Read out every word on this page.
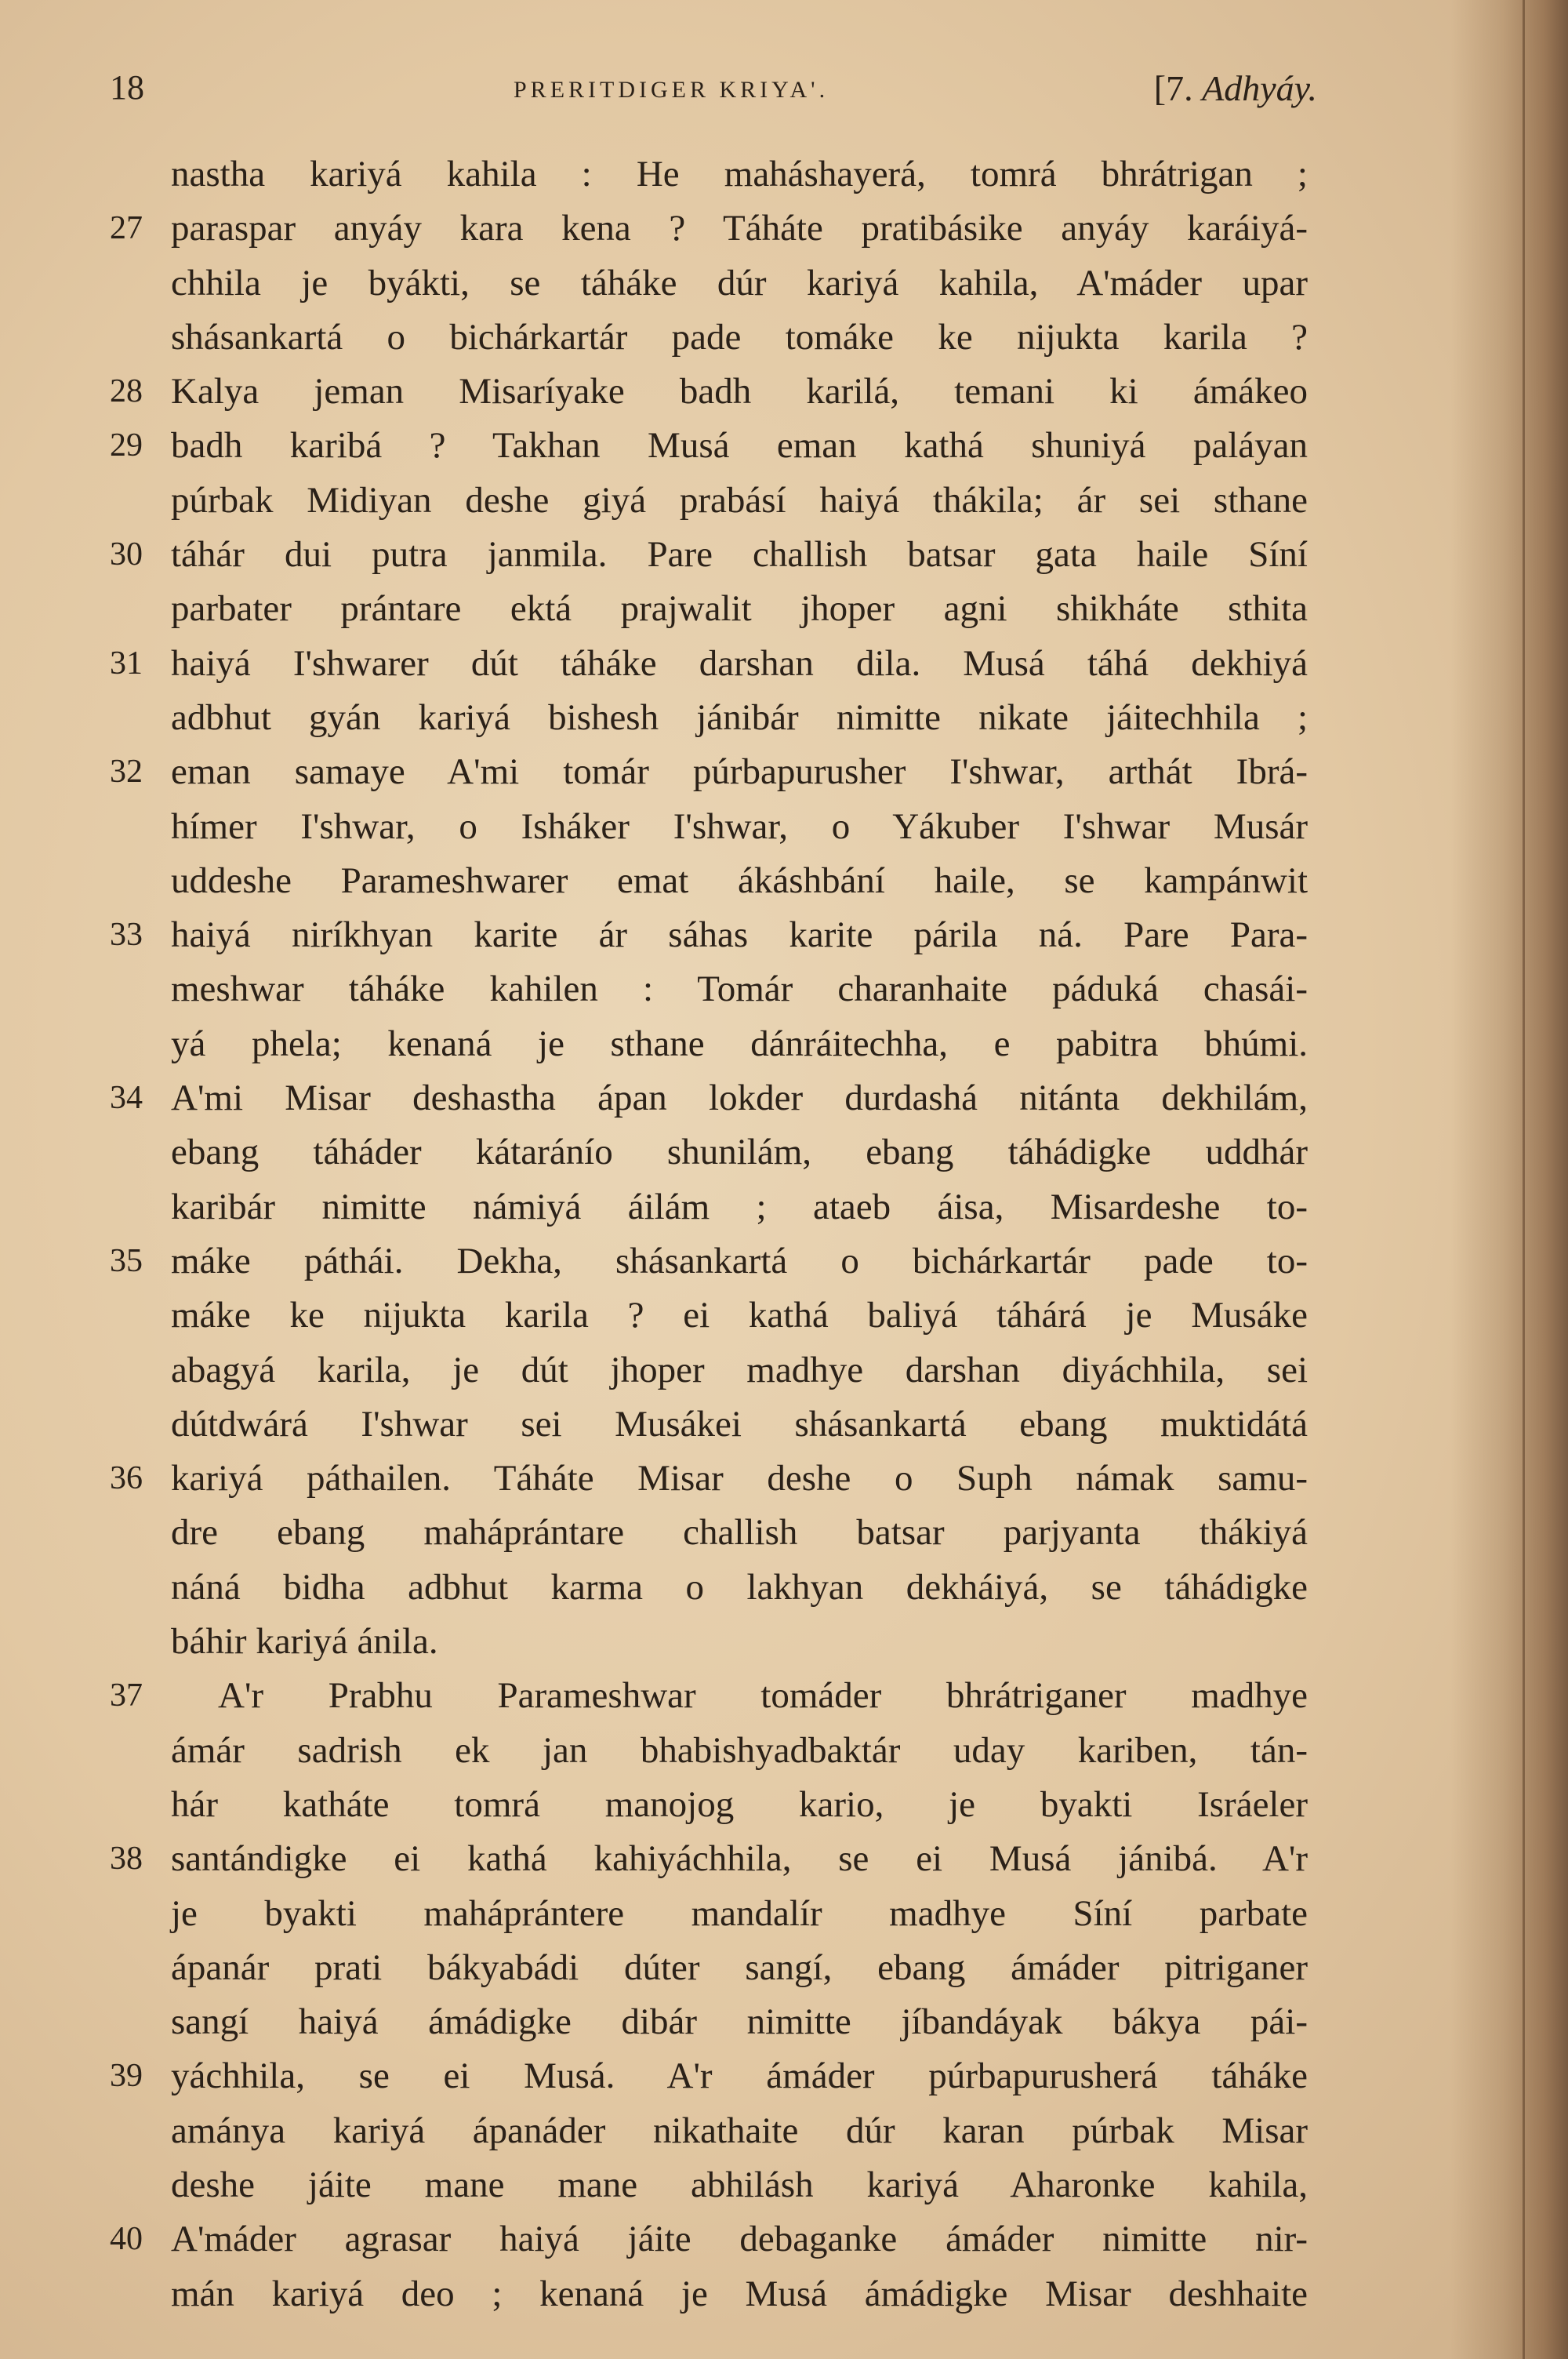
18	PRERITDIGER KRIYA'.	[7. Adhyáy.
nastha kariyá kahila : He maháshayerá, tomrá bhrátrigan ;
27 paraspar anyáy kara kena ? Táháte pratibásike anyáy karáiyá-
chhila je byákti, se táháke dúr kariyá kahila, A'máder upar
shásankartá o bichárkartár pade tomáke ke nijukta karila ?
28 Kalya jeman Misaríyake badh karilá, temani ki ámákeo
29 badh karibá ? Takhan Musá eman kathá shuniyá paláyan
púrbak Midiyan deshe giyá prabásí haiyá thákila; ár sei sthane
30 táhár dui putra janmila. Pare challish batsar gata haile Síní
parbater prántare ektá prajwalit jhoper agni shikháte sthita
31 haiyá I'shwarer dút táháke darshan dila. Musá táhá dekhiyá
adbhut gyán kariyá bishesh jánibár nimitte nikate jáitechhila ;
32 eman samaye A'mi tomár púrbapurusher I'shwar, arthát Ibrá-
hímer I'shwar, o Isháker I'shwar, o Yákuber I'shwar Musár
uddeshe Parameshwarer emat ákáshbání haile, se kampánwit
33 haiyá niríkhyan karite ár sáhas karite párila ná. Pare Para-
meshwar táháke kahilen : Tomár charanhaite páduká chasái-
yá phela; kenaná je sthane dánráitechha, e pabitra bhúmi.
34 A'mi Misar deshastha ápan lokder durdashá nitánta dekhilám,
ebang táháder kátaránío shunilám, ebang táhádigke uddhár
karibár nimitte námiyá áilám ; ataeb áisa, Misardeshe to-
35 máke páthái. Dekha, shásankartá o bichárkartár pade to-
máke ke nijukta karila ? ei kathá baliyá táhárá je Musáke
abagyá karila, je dút jhoper madhye darshan diyáchhila, sei
dútdwárá I'shwar sei Musákei shásankartá ebang muktidátá
36 kariyá páthailen. Táháte Misar deshe o Suph námak samu-
dre ebang maháprántare challish batsar parjyanta thákiyá
náná bidha adbhut karma o lakhyan dekháiyá, se táhádigke
báhir kariyá ánila.
37	A'r Prabhu Parameshwar tomáder bhrátriganer madhye
ámár sadrish ek jan bhabishyadbaktár uday kariben, tán-
hár katháte tomrá manojog kario, je byakti Isráeler
38 santándigke ei kathá kahiyáchhila, se ei Musá jánibá. A'r
je byakti maháprántere mandalír madhye Síní parbate
ápanár prati bákyabádi dúter sangí, ebang ámáder pitriganer
sangí haiyá ámádigke dibár nimitte jíbandáyak bákya pái-
39 yáchhila, se ei Musá. A'r ámáder púrbapurusherá táháke
amánya kariyá ápanáder nikathaite dúr karan púrbak Misar
deshe jáite mane mane abhilásh kariyá Aharonke kahila,
40 A'máder agrasar haiyá jáite debaganke ámáder nimitte nir-
mán kariyá deo ; kenaná je Musá ámádigke Misar deshhaite
